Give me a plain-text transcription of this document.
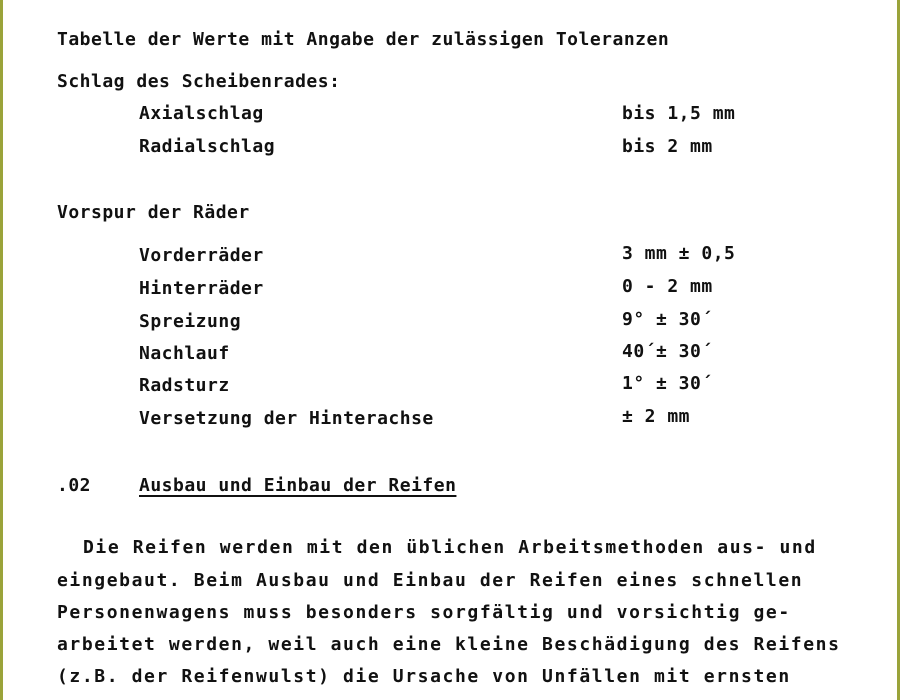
Tabelle der Werte mit Angabe der zulässigen Toleranzen
Schlag des Scheibenrades:
Axialschlag	bis 1,5 mm
Radialschlag	bis 2 mm
Vorspur der Räder
Vorderräder	3 mm ± 0,5
Hinterräder	0 - 2 mm
Spreizung	9° ± 30´
Nachlauf	40´± 30´
Radsturz	1° ± 30´
Versetzung der Hinterachse	± 2 mm
.02	Ausbau und Einbau der Reifen
Die Reifen werden mit den üblichen Arbeitsmethoden aus- und
eingebaut. Beim Ausbau und Einbau der Reifen eines schnellen
Personenwagens muss besonders sorgfältig und vorsichtig ge-
arbeitet werden, weil auch eine kleine Beschädigung des Reifens
(z.B. der Reifenwulst) die Ursache von Unfällen mit ernsten
